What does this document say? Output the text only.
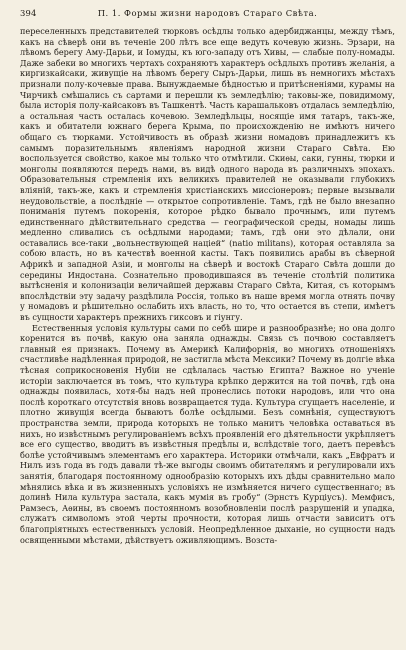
394	П. 1. Формы жизни народовъ Стараго Свѣта.

переселенныхъ представителей тюрковъ осѣдлы только адербиджанцы, между тѣмъ, какъ на сѣверѣ они въ теченіе 200 лѣтъ все еще ведуть кочевую жизнь. Эрзари, на лѣвомъ берегу Аму-Дарьи, и Іомуды, къ юго-западу отъ Хивы, — слабые полу-номады. Даже забеки во многихъ чертахъ сохраняютъ характеръ осѣдлыхъ противъ желанія, а киргизкайсаки, живущіе на лѣвомъ берегу Сыръ-Дарьи, лишь въ немногихъ мѣстахъ признали полу-кочевые права. Вынуждаемые бѣдностью и притѣсненіями, курамы на Чирчикѣ смѣшались съ сартами и перешли къ земледѣлію; таковы-же, повидимому, была исторія полу-кайсаковъ въ Ташкентѣ. Часть карашальковъ отдалась земледѣлію, а остальная часть осталась кочевою. Земледѣльцы, носящіе имя татаръ, такъ-же, какъ и обитатели южнаго берега Крыма, по происхожденію не имѣютъ ничего общаго съ тюрками. Устойчивость въ образѣ жизни номадовъ принадлежитъ къ самымъ поразительнымъ явленіямъ народной жизни Стараго Свѣта. Ею воспользуется свойство, какое мы только что отмѣтили. Скиѳы, саки, гунны, тюрки и монголы появляются передъ нами, въ видѣ одного народа въ различныхъ эпохахъ. Образовательныя стремленія ихъ великихъ правителей не оказывали глубокихъ вліяній, такъ-же, какъ и стремленія христіанскихъ миссіонеровъ; первые вызывали неудовольствіе, а послѣдніе — открытое сопротивленіе. Тамъ, гдѣ не было внезапно пониманія путемъ покоренія, которое рѣдко бывало прочнымъ, или путемъ единственнаго дѣйствительнаго средства — географической среды, номады лишь медленно сливались съ осѣдлыми народами; тамъ, гдѣ они это дѣлали, они оставались все-таки „вольнествующей націей“ (natio militans), которая оставляла за собою власть, но въ качествѣ военной касты. Такъ появились арабы въ сѣверной Африкѣ и западной Азіи, и монголы на сѣверѣ и востокѣ Стараго Свѣта дошли до середины Индостана. Сознательно проводившаяся въ теченіе столѣтій политика вытѣсненія и колонизаціи величайшей державы Стараго Свѣта, Китая, съ которымъ впослѣдствіи эту задачу раздѣлила Россія, только въ наше время могла отнять почву у номадовъ и рѣшительно ослабить ихъ власть, но то, что остается въ степи, имѣетъ въ сущности характеръ прежнихъ гиксовъ и гіунгу.

Естественныя условія культуры сами по себѣ шире и разнообразнѣе; но она долго коренится въ почвѣ, какую она заняла однажды. Связь съ почвою составляетъ главный ея признакъ. Почему въ Америкѣ Калифорнія, во многихъ отношеніяхъ счастливѣе надѣленная природой, не застигла мѣста Мексики? Почему въ долгіе вѣка тѣсная соприкосновенія Нубіи не сдѣлалась частью Египта? Важное но ученіе исторіи заключается въ томъ, что культура крѣпко держится на той почвѣ, гдѣ она однажды появилась, хотя-бы надъ ней пронеслись потоки народовъ, или что она послѣ короткаго отсутствія вновь возвращается туда. Культура сгущаетъ населеніе, и плотно живущія всегда бываютъ болѣе осѣдлыми. Безъ сомнѣнія, существуютъ пространства земли, природа которыхъ не только манитъ человѣка оставаться въ нихъ, но извѣстнымъ регулированіемъ всѣхъ проявленій его дѣятельности укрѣпляетъ все его существо, вводитъ въ извѣстныя предѣлы и, вслѣдствіе того, даетъ перевѣсъ болѣе устойчивымъ элементамъ его характера. Историки отмѣчали, какъ „Евфратъ и Нилъ изъ года въ годъ давали тѣ-же выгоды своимъ обитателямъ и регулировали ихъ занятія, благодаря постоянному однообразію которыхъ ихъ дѣды сравнительно мало мѣнялись вѣка и въ жизненныхъ условіяхъ не измѣняется ничего существеннаго; въ долинѣ Нила культура застала, какъ мумія въ гробу“ (Эрнстъ Курціусъ). Мемфисъ, Рамзесъ, Аѳины, въ своемъ постоянномъ возобновленіи послѣ разрушеній и упадка, служатъ символомъ этой черты прочности, которая лишь отчасти зависитъ отъ благопріятныхъ естественныхъ условій. Неопредѣленное дыханіе, но сущности надъ освященными мѣстами, дѣйствуетъ оживляющимъ. Возста-
